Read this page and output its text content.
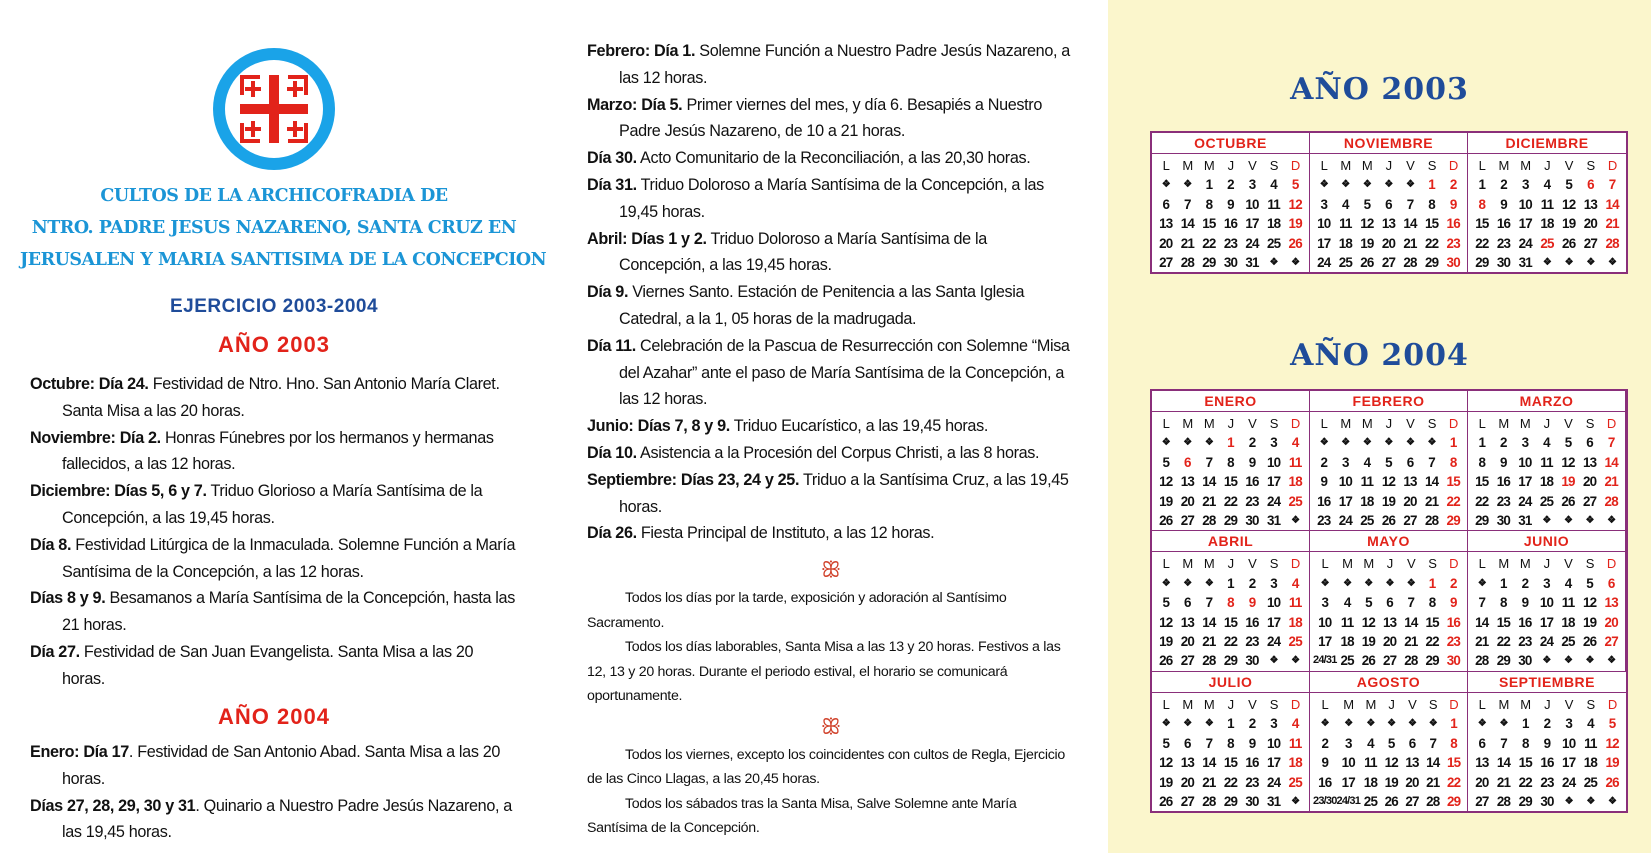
CULTOS DE LA ARCHICOFRADIA DE
NTRO. PADRE JESUS NAZARENO, SANTA CRUZ EN
JERUSALEN Y MARIA SANTISIMA DE LA CONCEPCION
EJERCICIO 2003-2004
AÑO 2003
Octubre: Día 24. Festividad de Ntro. Hno. San Antonio María Claret. Santa Misa a las 20 horas.
Noviembre: Día 2. Honras Fúnebres por los hermanos y hermanas fallecidos, a las 12 horas.
Diciembre: Días 5, 6 y 7. Triduo Glorioso a María Santísima de la Concepción, a las 19,45 horas.
Día 8. Festividad Litúrgica de la Inmaculada. Solemne Función a María Santísima de la Concepción, a las 12 horas.
Días 8 y 9. Besamanos a María Santísima de la Concepción, hasta las 21 horas.
Día 27. Festividad de San Juan Evangelista. Santa Misa a las 20 horas.
AÑO 2004
Enero: Día 17. Festividad de San Antonio Abad. Santa Misa a las 20 horas.
Días 27, 28, 29, 30 y 31. Quinario a Nuestro Padre Jesús Nazareno, a las 19,45 horas.
Febrero: Día 1. Solemne Función a Nuestro Padre Jesús Nazareno, a las 12 horas.
Marzo: Día 5. Primer viernes del mes, y día 6. Besapiés a Nuestro Padre Jesús Nazareno, de 10 a 21 horas.
Día 30. Acto Comunitario de la Reconciliación, a las 20,30 horas.
Día 31. Triduo Doloroso a María Santísima de la Concepción, a las 19,45 horas.
Abril: Días 1 y 2. Triduo Doloroso a María Santísima de la Concepción, a las 19,45 horas.
Día 9. Viernes Santo. Estación de Penitencia a las Santa Iglesia Catedral, a la 1, 05 horas de la madrugada.
Día 11. Celebración de la Pascua de Resurrección con Solemne “Misa del Azahar” ante el paso de María Santísima de la Concepción, a las 12 horas.
Junio: Días 7, 8 y 9. Triduo Eucarístico, a las 19,45 horas.
Día 10. Asistencia a la Procesión del Corpus Christi, a las 8 horas.
Septiembre: Días 23, 24 y 25. Triduo a la Santísima Cruz, a las 19,45 horas.
Día 26. Fiesta Principal de Instituto, a las 12 horas.
ꕥ
Todos los días por la tarde, exposición y adoración al Santísimo Sacramento.
Todos los días laborables, Santa Misa a las 13 y 20 horas. Festivos a las 12, 13 y 20 horas. Durante el periodo estival, el horario se comunicará oportunamente.
ꕥ
Todos los viernes, excepto los coincidentes con cultos de Regla, Ejercicio de las Cinco Llagas, a las 20,45 horas.
Todos los sábados tras la Santa Misa, Salve Solemne ante María Santísima de la Concepción.
AÑO 2003
OCTUBRE
L	M M	J	V	S	D
❖	❖	1	2	3	4	5
6	7	8	9 10 11 12
13 14 15 16 17 18 19
20 21 22 23 24 25 26
27 28 29 30 31	❖	❖
NOVIEMBRE
L	M M	J	V	S	D
❖	❖	❖	❖	❖	1	2
3	4	5	6	7	8	9
10 11 12 13 14 15 16
17 18 19 20 21 22 23
24 25 26 27 28 29 30
DICIEMBRE
L	M M	J	V	S	D
1	2	3	4	5	6	7
8	9 10 11 12 13 14
15 16 17 18 19 20 21
22 23 24 25 26 27 28
29 30 31	❖	❖	❖	❖
AÑO 2004
ENERO
L	M M	J	V	S	D
❖	❖	❖	1	2	3	4
5	6	7	8	9 10 11
12 13 14 15 16 17 18
19 20 21 22 23 24 25
26 27 28 29 30 31	❖
FEBRERO
L	M M	J	V	S	D
❖	❖	❖	❖	❖	❖	1
2	3	4	5	6	7	8
9 10 11 12 13 14 15
16 17 18 19 20 21 22
23 24 25 26 27 28 29
MARZO
L	M M	J	V	S	D
1	2	3	4	5	6	7
8	9 10 11 12 13 14
15 16 17 18 19 20 21
22 23 24 25 26 27 28
29 30 31	❖	❖	❖	❖
ABRIL
L	M M	J	V	S	D
❖	❖	❖	1	2	3	4
5	6	7	8	9 10 11
12 13 14 15 16 17 18
19 20 21 22 23 24 25
26 27 28 29 30	❖	❖
MAYO
L	M M	J	V	S	D
❖	❖	❖	❖	❖	1	2
3	4	5	6	7	8	9
10 11 12 13 14 15 16
17 18 19 20 21 22 23
24/31 25 26 27 28 29 30
JUNIO
L	M M	J	V	S	D
❖	1	2	3	4	5	6
7	8	9 10 11 12 13
14 15 16 17 18 19 20
21 22 23 24 25 26 27
28 29 30	❖	❖	❖	❖
JULIO
L	M M	J	V	S	D
❖	❖	❖	1	2	3	4
5	6	7	8	9 10 11
12 13 14 15 16 17 18
19 20 21 22 23 24 25
26 27 28 29 30 31	❖
AGOSTO
L	M M J	V S D
❖	❖	❖	❖	❖	❖ 1
2	3	4	5	6	7	8
9	10 11 12 13 14 15
16 17 18 19 20 21 22
23/30 24/31 25 26 27 28 29
SEPTIEMBRE
L	M M	J	V	S	D
❖	❖	1	2	3	4	5
6	7	8	9 10 11 12
13 14 15 16 17 18 19
20 21 22 23 24 25 26
27 28 29 30	❖	❖	❖
